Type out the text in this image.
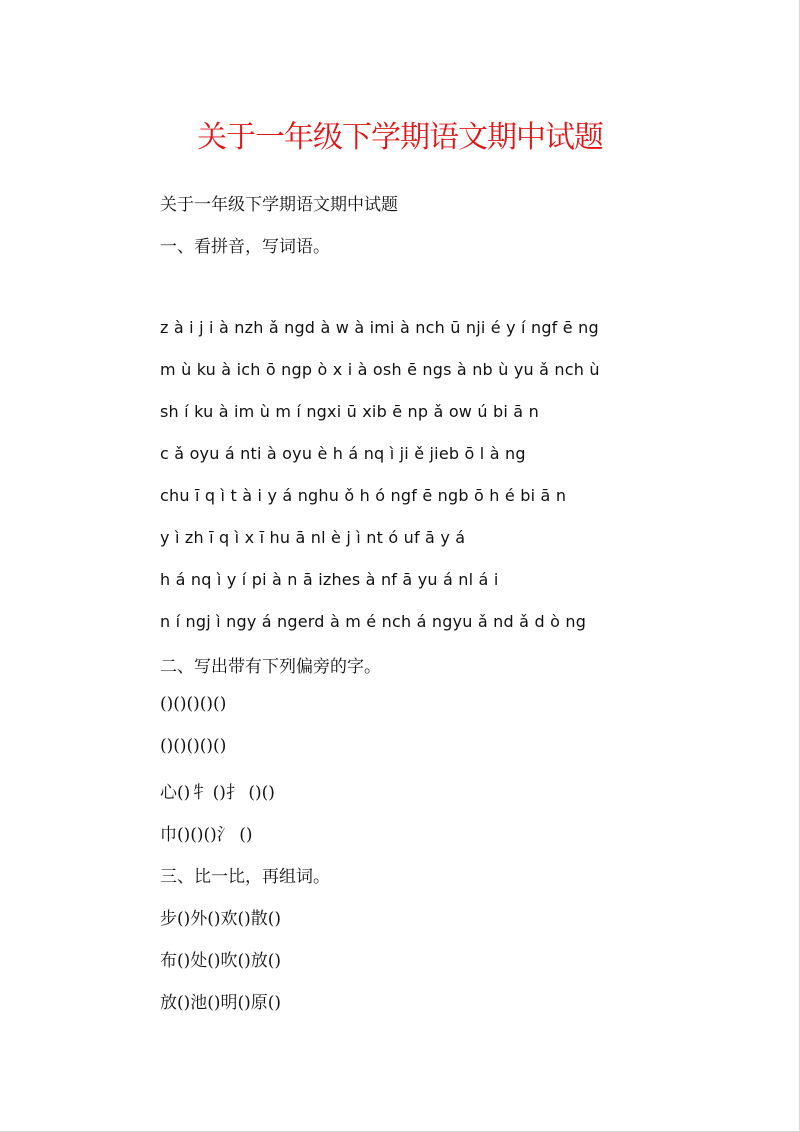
关于一年级下学期语文期中试题
关于一年级下学期语文期中试题
一、看拼音，写词语。
z à i j i à nzh ǎ ngd à w à imi à nch ū nji é y í ngf ē ng
m ù ku à ich ō ngp ò x i à osh ē ngs à nb ù yu ǎ nch ù
sh í ku à im ù m í ngxi ū xib ē np ǎ ow ú bi ā n
c ǎ oyu á nti à oyu è h á nq ì ji ě jieb ō l à ng
chu ī q ì t à i y á nghu ǒ h ó ngf ē ngb ō h é bi ā n
y ì zh ī q ì x ī hu ā nl è j ì nt ó uf ā y á
h á nq ì y í pi à n ā izhes à nf ā yu á nl á i
n í ngj ì ngy á ngerd à m é nch á ngyu ǎ nd ǎ d ò ng
二、写出带有下列偏旁的字。
()()()()()
()()()()()
心()牜 ()扌 ()()
巾()()()氵 ()
三、比一比，再组词。
步()外()欢()散()
布()处()吹()放()
放()池()明()原()
